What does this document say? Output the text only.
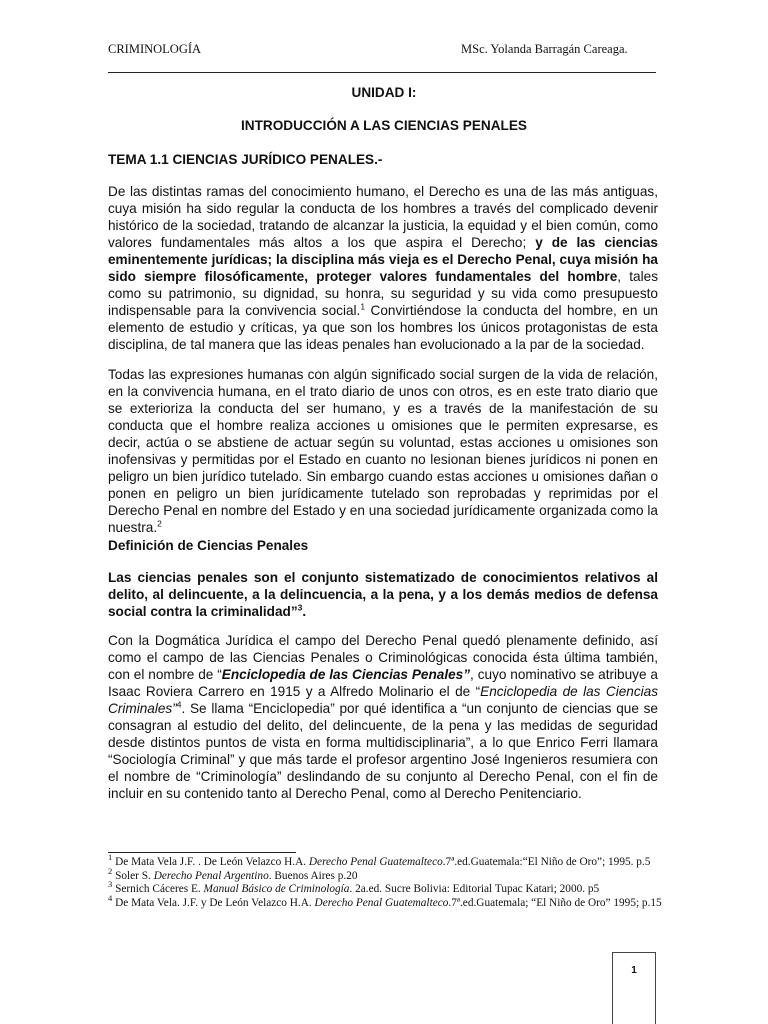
CRIMINOLOGÍA	MSc. Yolanda Barragán Careaga.
UNIDAD I:
INTRODUCCIÓN A LAS CIENCIAS PENALES
TEMA 1.1 CIENCIAS JURÍDICO PENALES.-
De las distintas ramas del conocimiento humano, el Derecho es una de las más antiguas, cuya misión ha sido regular la conducta de los hombres a través del complicado devenir histórico de la sociedad, tratando de alcanzar la justicia, la equidad y el bien común, como valores fundamentales más altos a los que aspira el Derecho; y de las ciencias eminentemente jurídicas; la disciplina más vieja es el Derecho Penal, cuya misión ha sido siempre filosóficamente, proteger valores fundamentales del hombre, tales como su patrimonio, su dignidad, su honra, su seguridad y su vida como presupuesto indispensable para la convivencia social.$^1$ Convirtiéndose la conducta del hombre, en un elemento de estudio y críticas, ya que son los hombres los únicos protagonistas de esta disciplina, de tal manera que las ideas penales han evolucionado a la par de la sociedad.
Todas las expresiones humanas con algún significado social surgen de la vida de relación, en la convivencia humana, en el trato diario de unos con otros, es en este trato diario que se exterioriza la conducta del ser humano, y es a través de la manifestación de su conducta que el hombre realiza acciones u omisiones que le permiten expresarse, es decir, actúa o se abstiene de actuar según su voluntad, estas acciones u omisiones son inofensivas y permitidas por el Estado en cuanto no lesionan bienes jurídicos ni ponen en peligro un bien jurídico tutelado. Sin embargo cuando estas acciones u omisiones dañan o ponen en peligro un bien jurídicamente tutelado son reprobadas y reprimidas por el Derecho Penal en nombre del Estado y en una sociedad jurídicamente organizada como la nuestra.$^2$
Definición de Ciencias Penales
Las ciencias penales son el conjunto sistematizado de conocimientos relativos al delito, al delincuente, a la delincuencia, a la pena, y a los demás medios de defensa social contra la criminalidad”$^3$.
Con la Dogmática Jurídica el campo del Derecho Penal quedó plenamente definido, así como el campo de las Ciencias Penales o Criminológicas conocida ésta última también, con el nombre de “Enciclopedia de las Ciencias Penales”, cuyo nominativo se atribuye a Isaac Roviera Carrero en 1915 y a Alfredo Molinario el de “Enciclopedia de las Ciencias Criminales”$^4$. Se llama “Enciclopedia” por qué identifica a “un conjunto de ciencias que se consagran al estudio del delito, del delincuente, de la pena y las medidas de seguridad desde distintos puntos de vista en forma multidisciplinaria”, a lo que Enrico Ferri llamara “Sociología Criminal” y que más tarde el profesor argentino José Ingenieros resumiera con el nombre de “Criminología” deslindando de su conjunto al Derecho Penal, con el fin de incluir en su contenido tanto al Derecho Penal, como al Derecho Penitenciario.

$^1$ De Mata Vela J.F. . De León Velazco H.A. Derecho Penal Guatemalteco.7ª.ed.Guatemala:“El Niño de Oro”; 1995. p.5

$^2$ Soler S. Derecho Penal Argentino. Buenos Aires p.20

$^3$ Sernich Cáceres E. Manual Básico de Criminología. 2a.ed. Sucre Bolivia: Editorial Tupac Katari; 2000. p5

$^4$ De Mata Vela. J.F. y De León Velazco H.A. Derecho Penal Guatemalteco.7ª.ed.Guatemala; “El Niño de Oro” 1995; p.15

1
